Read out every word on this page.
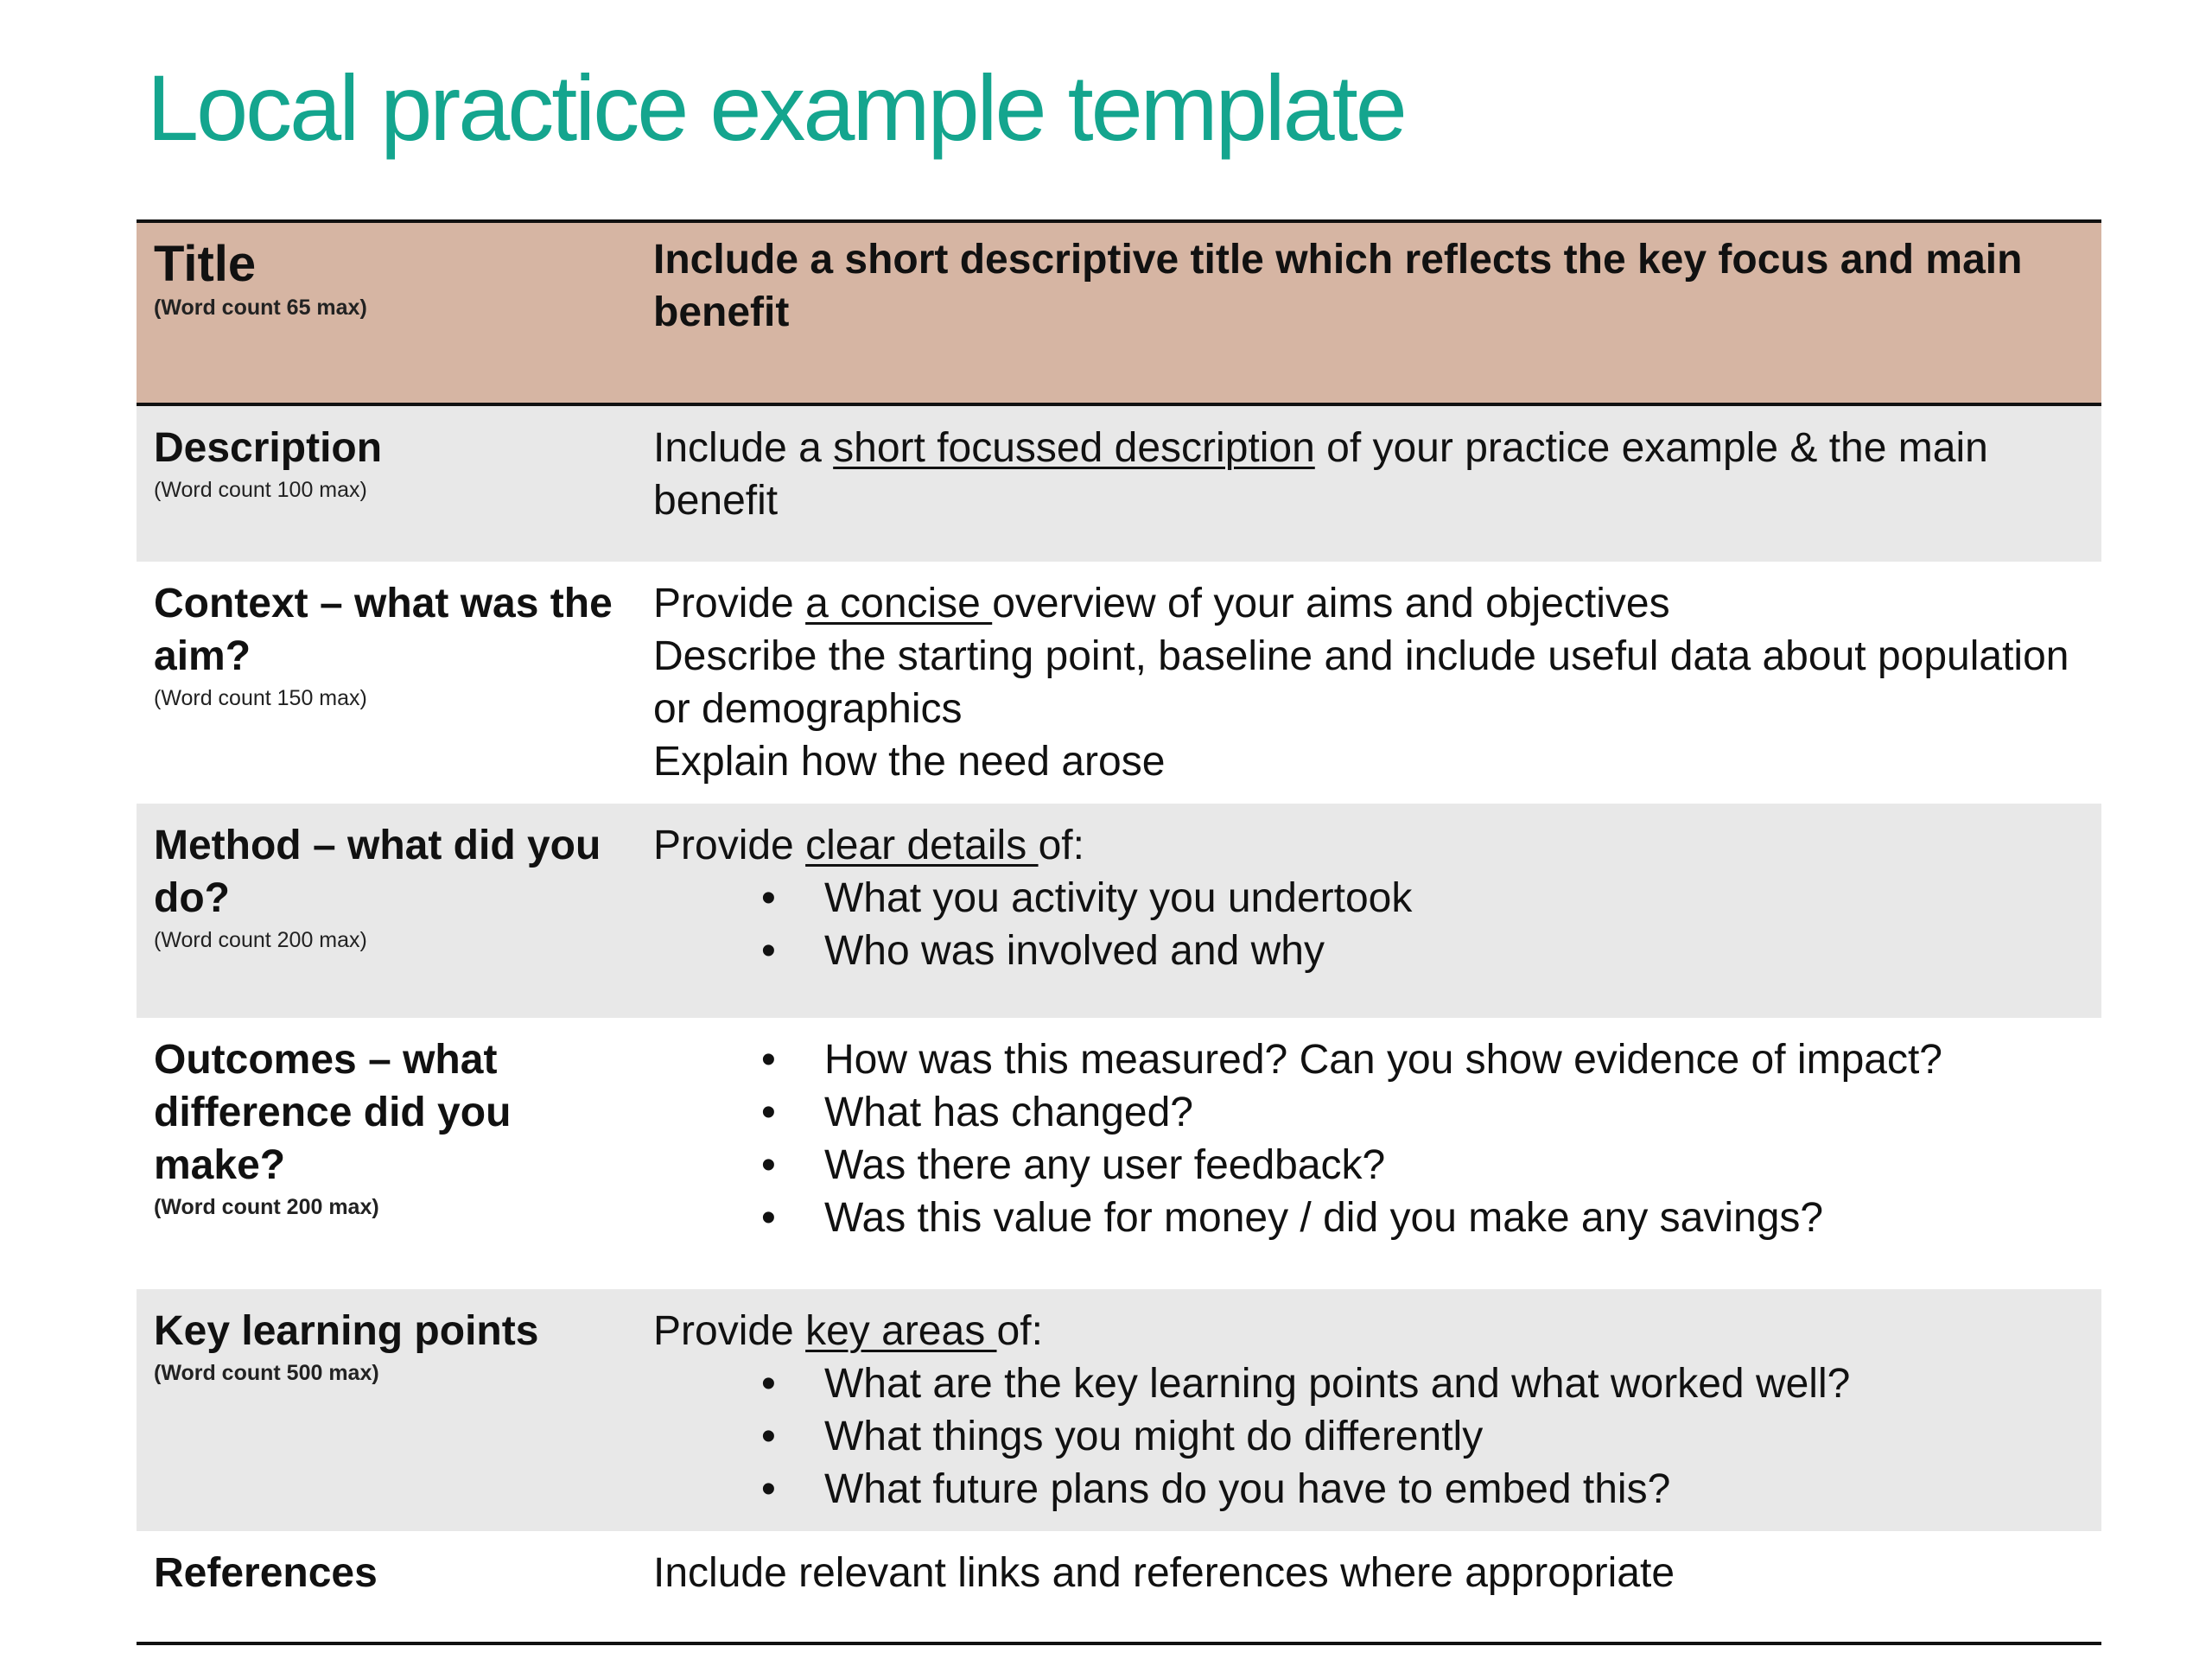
Local practice example template
Title
(Word count 65 max)

Include a short descriptive title which reflects the key focus and main benefit

Description
(Word count 100 max)

Include a short focussed description of your practice example & the main benefit

Context – what was the aim?
(Word count 150 max)

Provide a concise overview of your aims and objectives

Describe the starting point, baseline and include useful data about population or demographics

Explain how the need arose

Method – what did you do?
(Word count 200 max)

Provide clear details of:

• What you activity you undertook
• Who was involved and why
Outcomes – what difference did you make?
(Word count 200 max)
• How was this measured? Can you show evidence of impact?
• What has changed?
• Was there any user feedback?
• Was this value for money / did you make any savings?
Key learning points
(Word count 500 max)

Provide key areas of:

• What are the key learning points and what worked well?
• What things you might do differently
• What future plans do you have to embed this?
References	Include relevant links and references where appropriate
